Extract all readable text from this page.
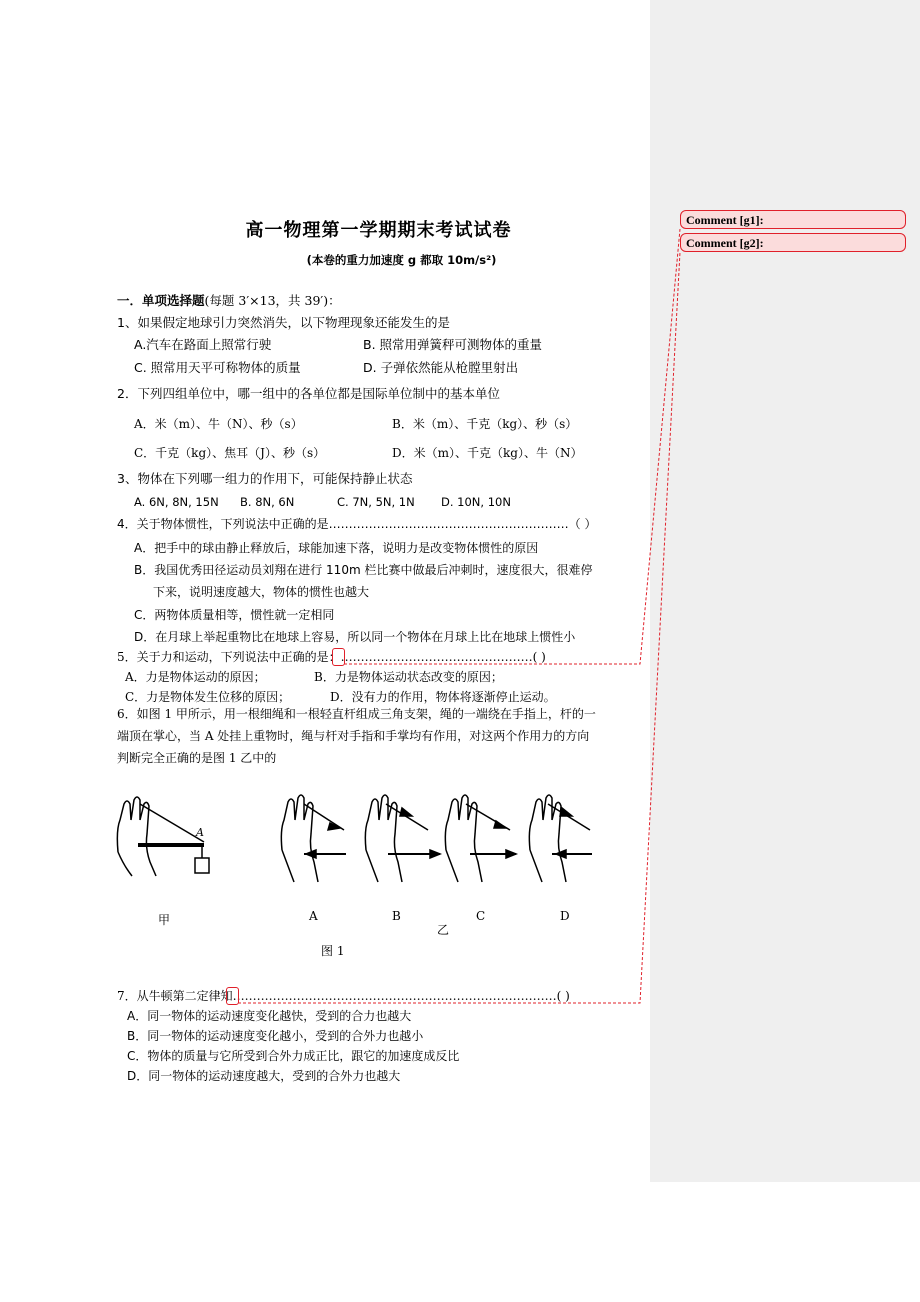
高一物理第一学期期末考试试卷
(本卷的重力加速度 g 都取 10m/s²)
一．单项选择题(每题 3′×13，共 39′)：
1、如果假定地球引力突然消失，以下物理现象还能发生的是
A.汽车在路面上照常行驶	B. 照常用弹簧秤可测物体的重量
C. 照常用天平可称物体的质量	D. 子弹依然能从枪膛里射出
2．下列四组单位中，哪一组中的各单位都是国际单位制中的基本单位
A．米（m）、牛（N）、秒（s）	B．米（m）、千克（kg）、秒（s）
C．千克（kg）、焦耳（J）、秒（s）	D．米（m）、千克（kg）、牛（N）
3、物体在下列哪一组力的作用下，可能保持静止状态
A. 6N, 8N, 15N B. 8N, 6N	C. 7N, 5N, 1N D. 10N, 10N
4．关于物体惯性，下列说法中正确的是……………………………………………………（ ）
A．把手中的球由静止释放后，球能加速下落，说明力是改变物体惯性的原因
B．我国优秀田径运动员刘翔在进行 110m 栏比赛中做最后冲刺时，速度很大，很难停
下来，说明速度越大，物体的惯性也越大
C．两物体质量相等，惯性就一定相同
D．在月球上举起重物比在地球上容易，所以同一个物体在月球上比在地球上惯性小
5．关于力和运动，下列说法中正确的是：…………………………………………( )
A．力是物体运动的原因；	B．力是物体运动状态改变的原因；
C．力是物体发生位移的原因；	D．没有力的作用，物体将逐渐停止运动。
6．如图 1 甲所示，用一根细绳和一根轻直杆组成三角支架，绳的一端绕在手指上，杆的一
端顶在掌心，当 A 处挂上重物时，绳与杆对手指和手掌均有作用，对这两个作用力的方向
判断完全正确的是图 1 乙中的
A
甲	A	B	C	D
乙
图 1
7．从牛顿第二定律知………………………………………………………………………( )
A．同一物体的运动速度变化越快，受到的合力也越大
B．同一物体的运动速度变化越小，受到的合外力也越小
C．物体的质量与它所受到合外力成正比，跟它的加速度成反比
D．同一物体的运动速度越大，受到的合外力也越大
Comment [g1]:
Comment [g2]:
